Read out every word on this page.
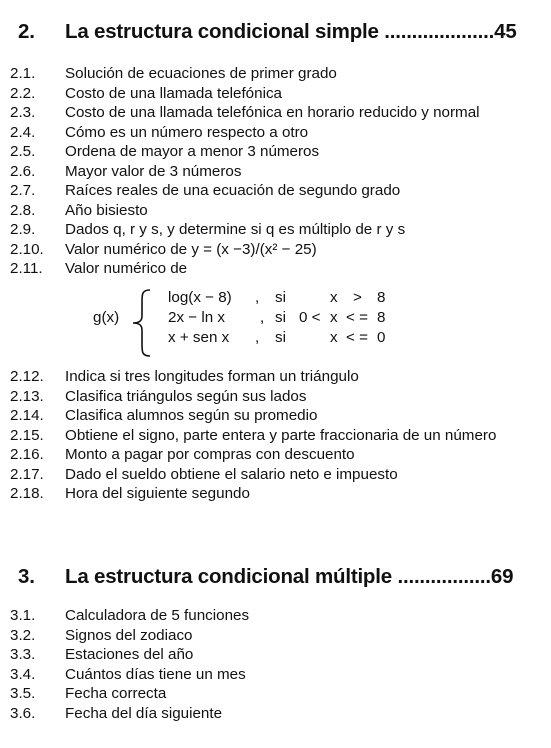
2. La estructura condicional simple ....................45
2.1. Solución de ecuaciones de primer grado
2.2. Costo de una llamada telefónica
2.3. Costo de una llamada telefónica en horario reducido y normal
2.4. Cómo es un número respecto a otro
2.5. Ordena de mayor a menor 3 números
2.6. Mayor valor de 3 números
2.7. Raíces reales de una ecuación de segundo grado
2.8. Año bisiesto
2.9. Dados q, r y s, y determine si q es múltiplo de r y s
2.10. Valor numérico de y = (x −3)/(x² − 25)
2.11. Valor numérico de
g(x)
log(x − 8) , si	x > 8
2x − ln x , si 0 < x < = 8
x + sen x , si	x < = 0
2.12. Indica si tres longitudes forman un triángulo
2.13. Clasifica triángulos según sus lados
2.14. Clasifica alumnos según su promedio
2.15. Obtiene el signo, parte entera y parte fraccionaria de un número
2.16. Monto a pagar por compras con descuento
2.17. Dado el sueldo obtiene el salario neto e impuesto
2.18. Hora del siguiente segundo
3. La estructura condicional múltiple .................69
3.1. Calculadora de 5 funciones
3.2. Signos del zodiaco
3.3. Estaciones del año
3.4. Cuántos días tiene un mes
3.5. Fecha correcta
3.6. Fecha del día siguiente
